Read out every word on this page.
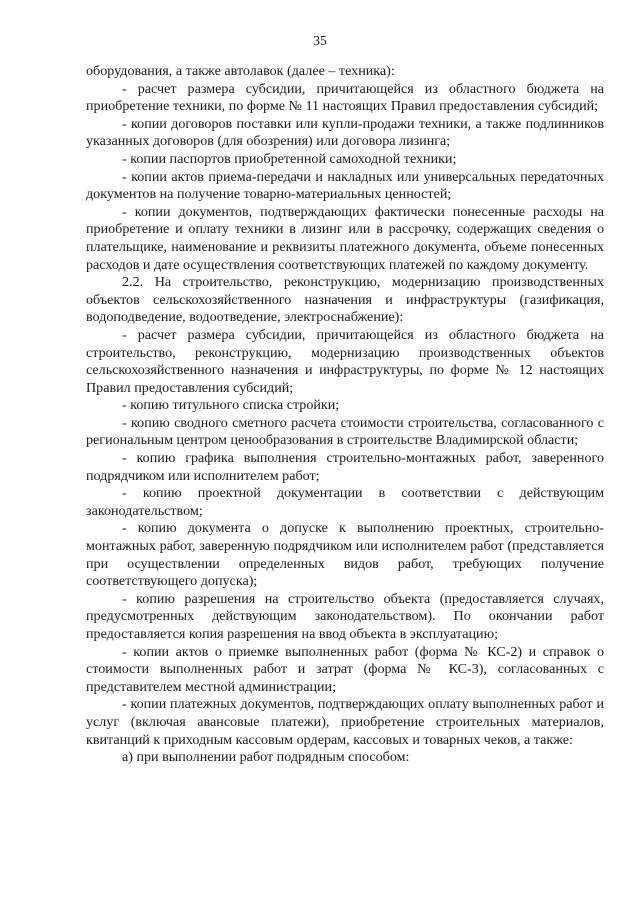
35

оборудования, а также автолавок (далее – техника):

- расчет размера субсидии, причитающейся из областного бюджета на приобретение техники, по форме № 11 настоящих Правил предоставления субсидий;

- копии договоров поставки или купли-продажи техники, а также подлинников указанных договоров (для обозрения) или договора лизинга;

- копии паспортов приобретенной самоходной техники;

- копии актов приема-передачи и накладных или универсальных передаточных документов на получение товарно-материальных ценностей;

- копии документов, подтверждающих фактически понесенные расходы на приобретение и оплату техники в лизинг или в рассрочку, содержащих сведения о плательщике, наименование и реквизиты платежного документа, объеме понесенных расходов и дате осуществления соответствующих платежей по каждому документу.

2.2. На строительство, реконструкцию, модернизацию производственных объектов сельскохозяйственного назначения и инфраструктуры (газификация, водоподведение, водоотведение, электроснабжение):

- расчет размера субсидии, причитающейся из областного бюджета на строительство, реконструкцию, модернизацию производственных объектов сельскохозяйственного назначения и инфраструктуры, по форме № 12 настоящих Правил предоставления субсидий;

- копию титульного списка стройки;

- копию сводного сметного расчета стоимости строительства, согласованного с региональным центром ценообразования в строительстве Владимирской области;

- копию графика выполнения строительно-монтажных работ, заверенного подрядчиком или исполнителем работ;

- копию проектной документации в соответствии с действующим законодательством;

- копию документа о допуске к выполнению проектных, строительно-монтажных работ, заверенную подрядчиком или исполнителем работ (представляется при осуществлении определенных видов работ, требующих получение соответствующего допуска);

- копию разрешения на строительство объекта (предоставляется случаях, предусмотренных действующим законодательством). По окончании работ предоставляется копия разрешения на ввод объекта в эксплуатацию;

- копии актов о приемке выполненных работ (форма № КС-2) и справок о стоимости выполненных работ и затрат (форма № КС-3), согласованных с представителем местной администрации;

- копии платежных документов, подтверждающих оплату выполненных работ и услуг (включая авансовые платежи), приобретение строительных материалов, квитанций к приходным кассовым ордерам, кассовых и товарных чеков, а также:

а) при выполнении работ подрядным способом:
